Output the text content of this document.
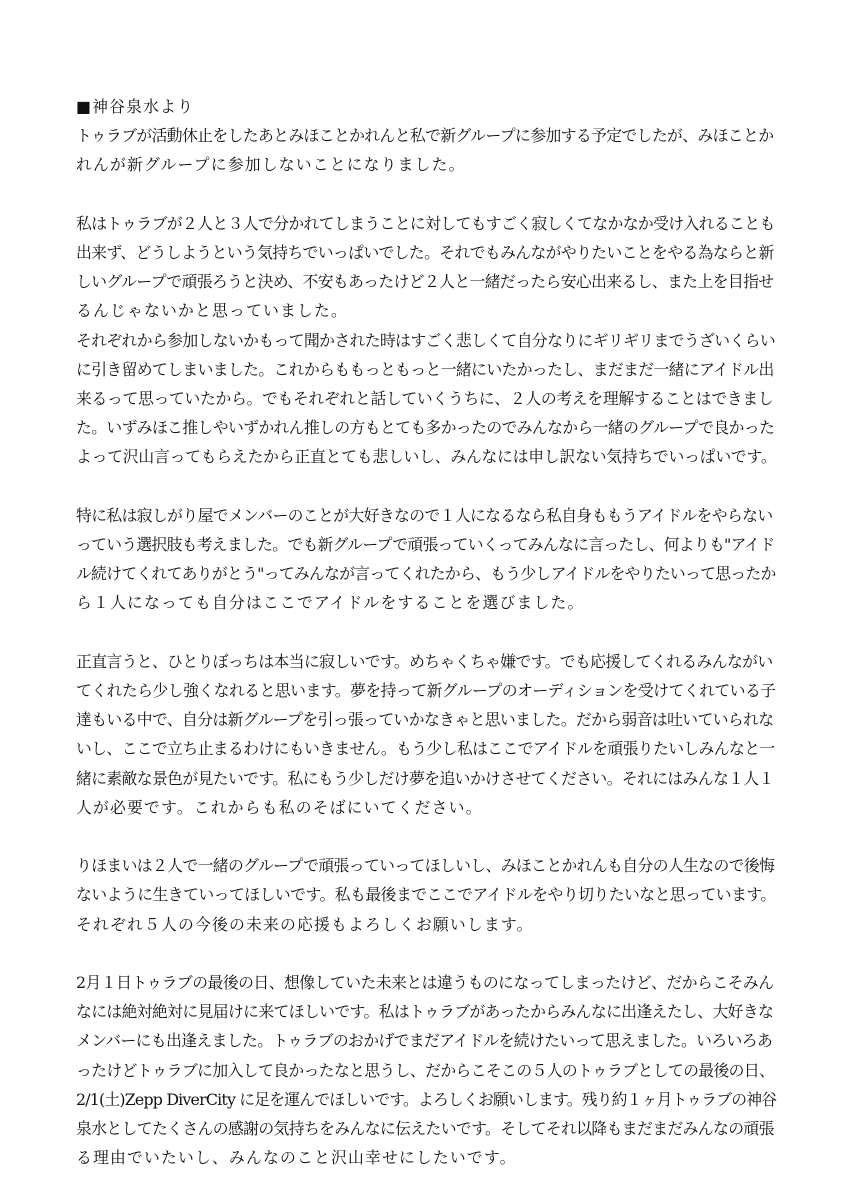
■神谷泉水より

トゥラブが活動休止をしたあとみほことかれんと私で新グループに参加する予定でしたが、みほことか
れんが新グループに参加しないことになりました。

私はトゥラブが２人と３人で分かれてしまうことに対してもすごく寂しくてなかなか受け入れることも
出来ず、どうしようという気持ちでいっぱいでした。それでもみんながやりたいことをやる為ならと新
しいグループで頑張ろうと決め、不安もあったけど２人と一緒だったら安心出来るし、また上を目指せ
るんじゃないかと思っていました。
それぞれから参加しないかもって聞かされた時はすごく悲しくて自分なりにギリギリまでうざいくらい
に引き留めてしまいました。これからももっともっと一緒にいたかったし、まだまだ一緒にアイドル出
来るって思っていたから。でもそれぞれと話していくうちに、２人の考えを理解することはできまし
た。いずみほこ推しやいずかれん推しの方もとても多かったのでみんなから一緒のグループで良かった
よって沢山言ってもらえたから正直とても悲しいし、みんなには申し訳ない気持ちでいっぱいです。

特に私は寂しがり屋でメンバーのことが大好きなので１人になるなら私自身ももうアイドルをやらない
っていう選択肢も考えました。でも新グループで頑張っていくってみんなに言ったし、何よりも"アイド
ル続けてくれてありがとう"ってみんなが言ってくれたから、もう少しアイドルをやりたいって思ったか
ら１人になっても自分はここでアイドルをすることを選びました。

正直言うと、ひとりぼっちは本当に寂しいです。めちゃくちゃ嫌です。でも応援してくれるみんながい
てくれたら少し強くなれると思います。夢を持って新グループのオーディションを受けてくれている子
達もいる中で、自分は新グループを引っ張っていかなきゃと思いました。だから弱音は吐いていられな
いし、ここで立ち止まるわけにもいきません。もう少し私はここでアイドルを頑張りたいしみんなと一
緒に素敵な景色が見たいです。私にもう少しだけ夢を追いかけさせてください。それにはみんな１人１
人が必要です。これからも私のそばにいてください。

りほまいは２人で一緒のグループで頑張っていってほしいし、みほことかれんも自分の人生なので後悔
ないように生きていってほしいです。私も最後までここでアイドルをやり切りたいなと思っています。
それぞれ５人の今後の未来の応援もよろしくお願いします。

2月１日トゥラブの最後の日、想像していた未来とは違うものになってしまったけど、だからこそみん
なには絶対絶対に見届けに来てほしいです。私はトゥラブがあったからみんなに出逢えたし、大好きな
メンバーにも出逢えました。トゥラブのおかげでまだアイドルを続けたいって思えました。いろいろあ
ったけどトゥラブに加入して良かったなと思うし、だからこそこの５人のトゥラブとしての最後の日、
2/1(土)Zepp DiverCity に足を運んでほしいです。よろしくお願いします。残り約１ヶ月トゥラブの神谷
泉水としてたくさんの感謝の気持ちをみんなに伝えたいです。そしてそれ以降もまだまだみんなの頑張
る理由でいたいし、みんなのこと沢山幸せにしたいです。
